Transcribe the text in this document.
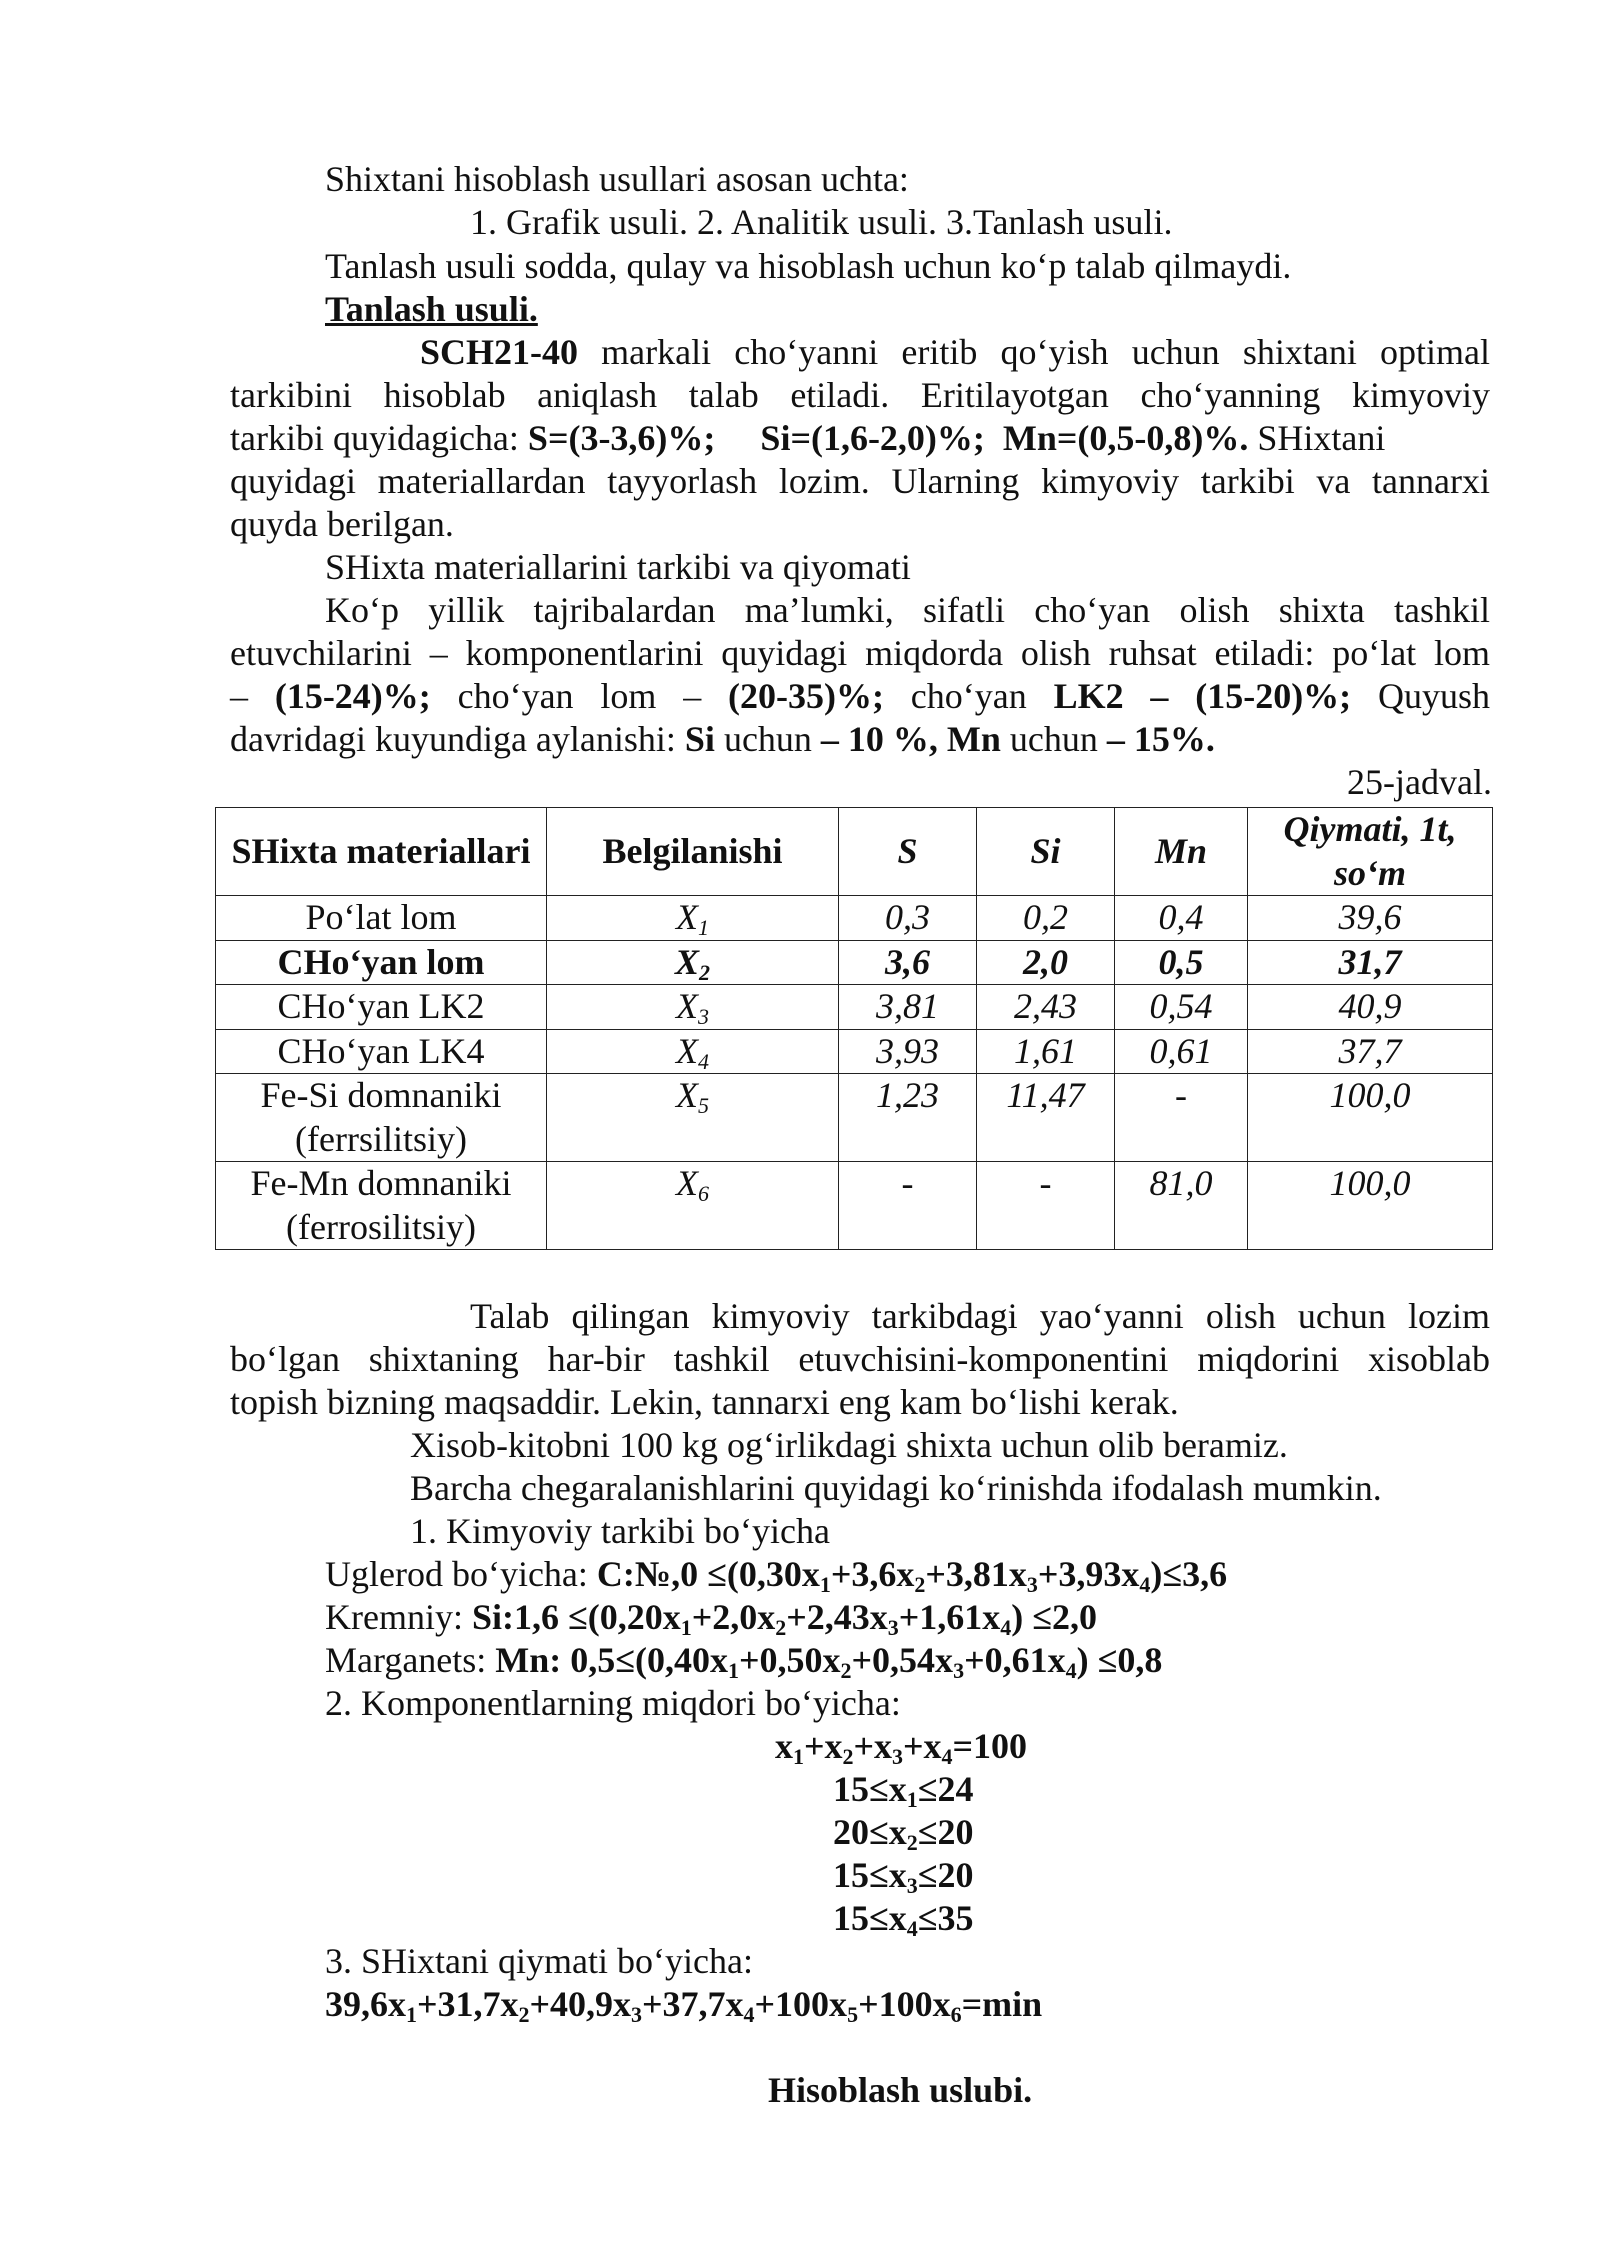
Shixtani hisoblash usullari asosan uchta:
1. Grafik usuli. 2. Analitik usuli. 3.Tanlash usuli.
Tanlash usuli sodda, qulay va hisoblash uchun ko‘p talab qilmaydi.
Tanlash usuli.
SCH21-40 markali cho‘yanni eritib qo‘yish uchun shixtani optimal
tarkibini hisoblab aniqlash talab etiladi. Eritilayotgan cho‘yanning kimyoviy
tarkibi quyidagicha: S=(3-3,6)%; Si=(1,6-2,0)%; Mn=(0,5-0,8)%. SHixtani
quyidagi materiallardan tayyorlash lozim. Ularning kimyoviy tarkibi va tannarxi
quyda berilgan.
SHixta materiallarini tarkibi va qiyomati
Ko‘p yillik tajribalardan ma’lumki, sifatli cho‘yan olish shixta tashkil
etuvchilarini – komponentlarini quyidagi miqdorda olish ruhsat etiladi: po‘lat lom
– (15-24)%; cho‘yan lom – (20-35)%; cho‘yan LK2 – (15-20)%; Quyush
davridagi kuyundiga aylanishi: Si uchun – 10 %, Mn uchun – 15%.
25-jadval.
SHixta materiallari	Belgilanishi	S	Si	Mn	Qiymati, 1t, so‘m
Po‘lat lom	$X_1$	0,3	0,2	0,4	39,6
CHo‘yan lom	$X_2$	3,6	2,0	0,5	31,7
CHo‘yan LK2	$X_3$	3,81	2,43	0,54	40,9
CHo‘yan LK4	$X_4$	3,93	1,61	0,61	37,7
Fe-Si domnaniki (ferrsilitsiy)	$X_5$	1,23	11,47	-	100,0
Fe-Mn domnaniki (ferrosilitsiy)	$X_6$	-	-	81,0	100,0
Talab qilingan kimyoviy tarkibdagi yao‘yanni olish uchun lozim
bo‘lgan shixtaning har-bir tashkil etuvchisini-komponentini miqdorini xisoblab
topish bizning maqsaddir. Lekin, tannarxi eng kam bo‘lishi kerak.
Xisob-kitobni 100 kg og‘irlikdagi shixta uchun olib beramiz.
Barcha chegaralanishlarini quyidagi ko‘rinishda ifodalash mumkin.
1. Kimyoviy tarkibi bo‘yicha
Uglerod bo‘yicha: C:№,0 $\le(0,30x_1+3,6x_2+3,81x_3+3,93x_4)\le 3,6$
Kremniy: Si:1,6 $\le(0,20x_1+2,0x_2+2,43x_3+1,61x_4) \le 2,0$
Marganets: Mn: $0,5\le(0,40x_1+0,50x_2+0,54x_3+0,61x_4) \le 0,8$
2. Komponentlarning miqdori bo‘yicha:
$x_1+x_2+x_3+x_4=100$
$15\le x_1\le 24$
$20\le x_2\le 20$
$15\le x_3\le 20$
$15\le x_4\le 35$
3. SHixtani qiymati bo‘yicha:
$39,6x_1+31,7x_2+40,9x_3+37,7x_4+100x_5+100x_6=\min$
Hisoblash uslubi.
